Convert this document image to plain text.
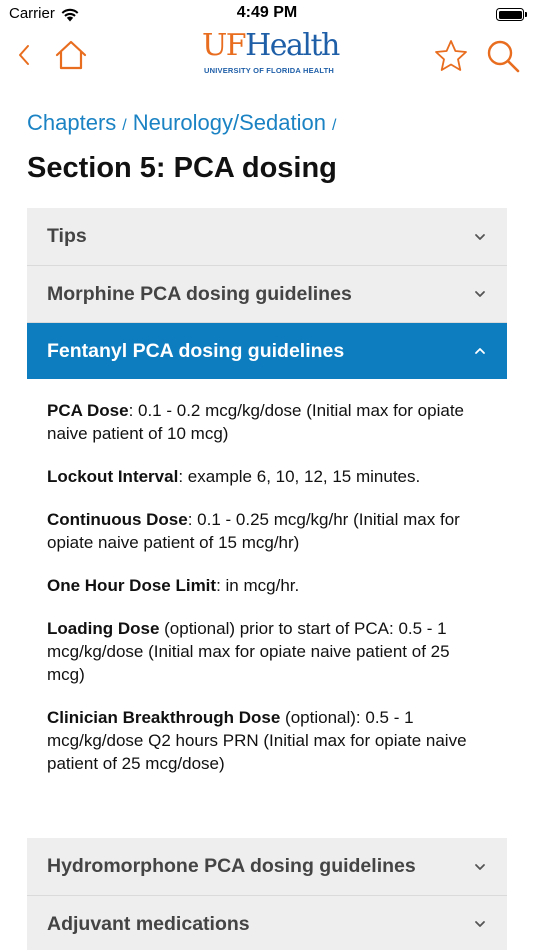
Carrier	4:49 PM
UFHealth
UNIVERSITY OF FLORIDA HEALTH
Chapters / Neurology/Sedation /
Section 5: PCA dosing
Tips
Morphine PCA dosing guidelines
Fentanyl PCA dosing guidelines

PCA Dose: 0.1 - 0.2 mcg/kg/dose (Initial max for opiate naive patient of 10 mcg)

Lockout Interval: example 6, 10, 12, 15 minutes.

Continuous Dose: 0.1 - 0.25 mcg/kg/hr (Initial max for opiate naive patient of 15 mcg/hr)

One Hour Dose Limit: in mcg/hr.

Loading Dose (optional) prior to start of PCA: 0.5 - 1 mcg/kg/dose (Initial max for opiate naive patient of 25 mcg)

Clinician Breakthrough Dose (optional): 0.5 - 1 mcg/kg/dose Q2 hours PRN (Initial max for opiate naive patient of 25 mcg/dose)

Hydromorphone PCA dosing guidelines
Adjuvant medications
